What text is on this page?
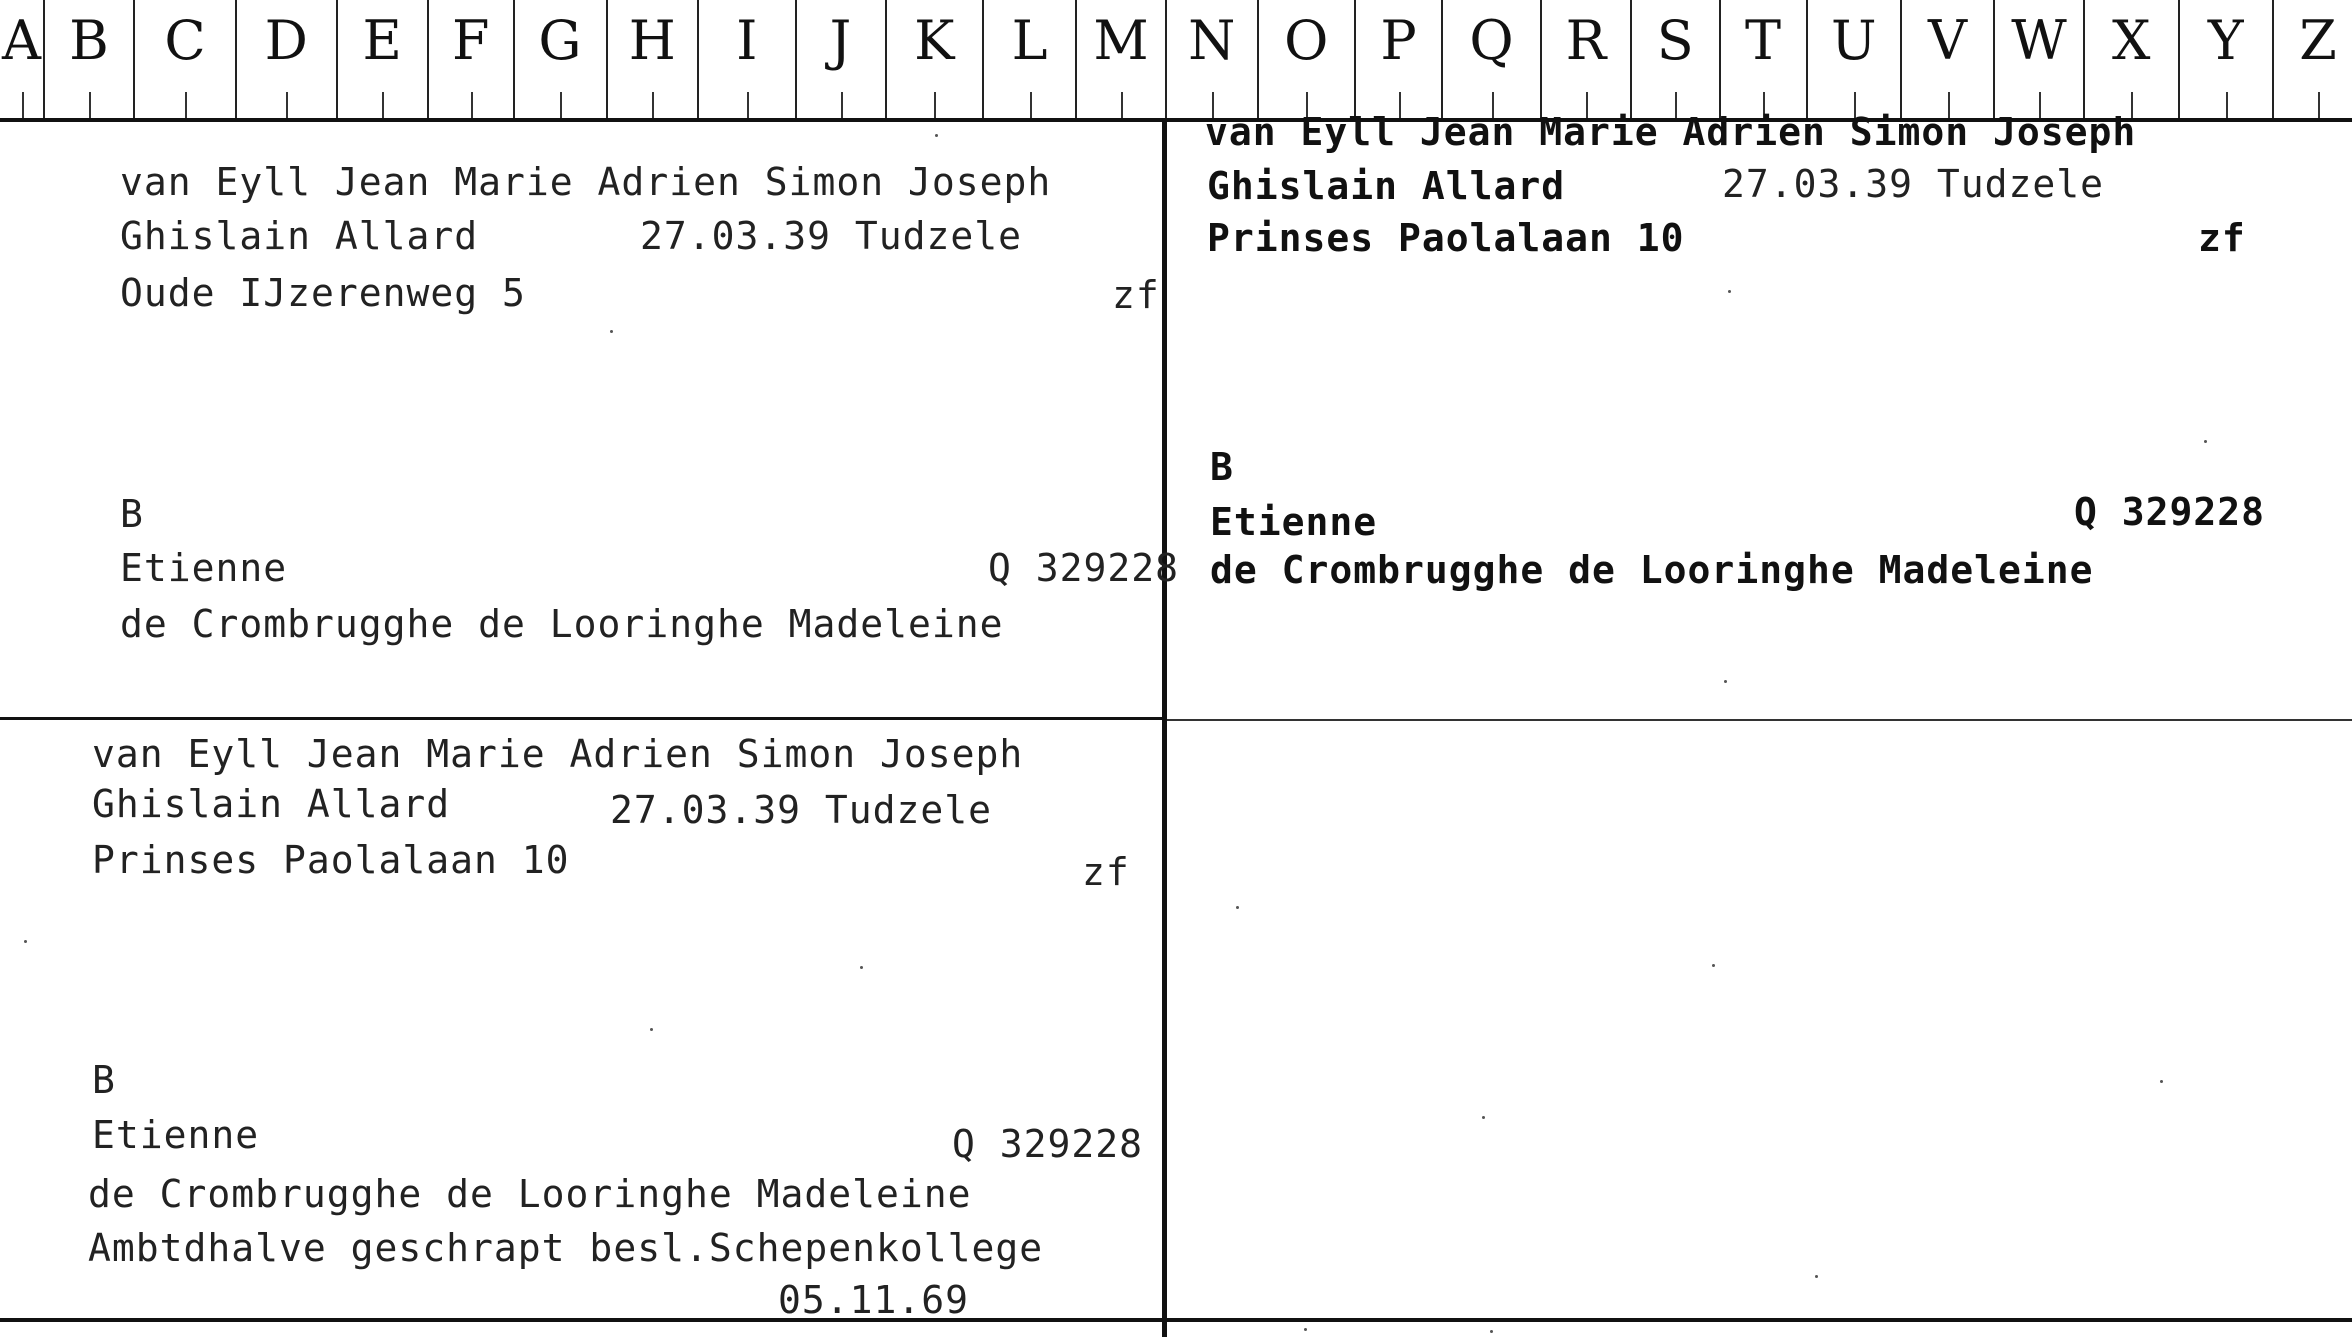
A B	C	D	E F G H	I	J	K	L M N O P Q R S T U V W X	Y	Z
van Eyll Jean Marie Adrien Simon Joseph
Ghislain Allard	27.03.39 Tudzele
Oude IJzerenweg 5	zf
B
Etienne	Q 329228
de Crombrugghe de Looringhe Madeleine
van Eyll Jean Marie Adrien Simon Joseph
Ghislain Allard	27.03.39 Tudzele
Prinses Paolalaan 10	zf
B
Etienne	Q 329228
de Crombrugghe de Looringhe Madeleine
van Eyll Jean Marie Adrien Simon Joseph
Ghislain Allard	27.03.39 Tudzele
Prinses Paolalaan 10	zf
B
Etienne	Q 329228
de Crombrugghe de Looringhe Madeleine
Ambtdhalve geschrapt besl.Schepenkollege
05.11.69
